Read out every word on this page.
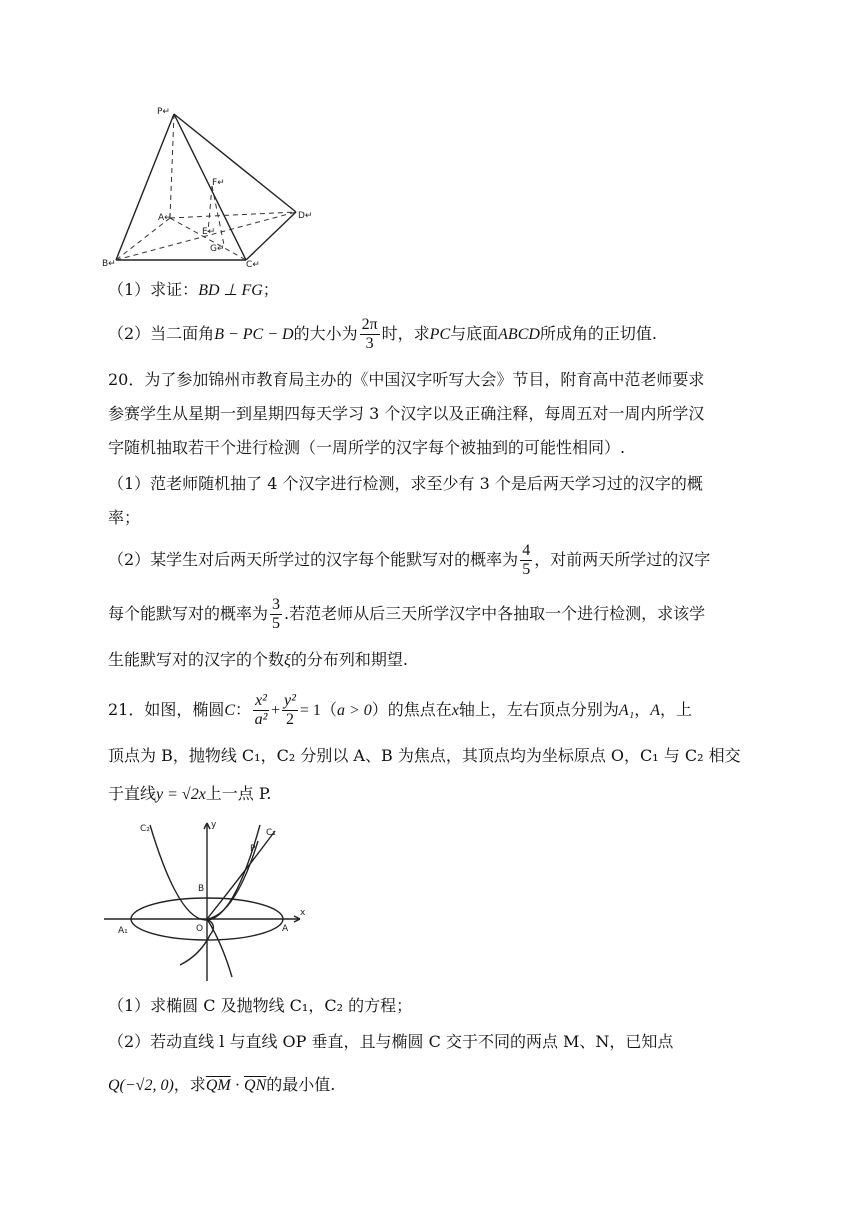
P↵
A↵
B↵	C↵
D↵
E↵
F↵
G↵
（1）求证：BD ⊥ FG；
（2）当二面角B − PC − D的大小为 $\frac{2\pi}{3}$ 时，求PC与底面ABCD所成角的正切值.
20．为了参加锦州市教育局主办的《中国汉字听写大会》节目，附育高中范老师要求
参赛学生从星期一到星期四每天学习 3 个汉字以及正确注释，每周五对一周内所学汉
字随机抽取若干个进行检测（一周所学的汉字每个被抽到的可能性相同）.
（1）范老师随机抽了 4 个汉字进行检测，求至少有 3 个是后两天学习过的汉字的概
率；
（2）某学生对后两天所学过的汉字每个能默写对的概率为 $\frac{4}{5}$ ，对前两天所学过的汉字
每个能默写对的概率为 $\frac{3}{5}$ .若范老师从后三天所学汉字中各抽取一个进行检测，求该学
生能默写对的汉字的个数ξ的分布列和期望.
21．如图，椭圆C： $\frac{\text{x²}}{\text{a²}} + \frac{\text{y²}}{2} = 1(a > 0)$的焦点在x轴上，左右顶点分别为A₁，A，上
顶点为 B，抛物线 C₁，C₂ 分别以 A、B 为焦点，其顶点均为坐标原点 O，C₁ 与 C₂ 相交
于直线y = √2x上一点 P.
C₂	C₁
y
x
P
B
O	A
A₁
（1）求椭圆 C 及抛物线 C₁，C₂ 的方程；
（2）若动直线 l 与直线 OP 垂直，且与椭圆 C 交于不同的两点 M、N，已知点
Q(−√2, 0)，求$\overline{QM} \cdot \overline{QN}$的最小值.
